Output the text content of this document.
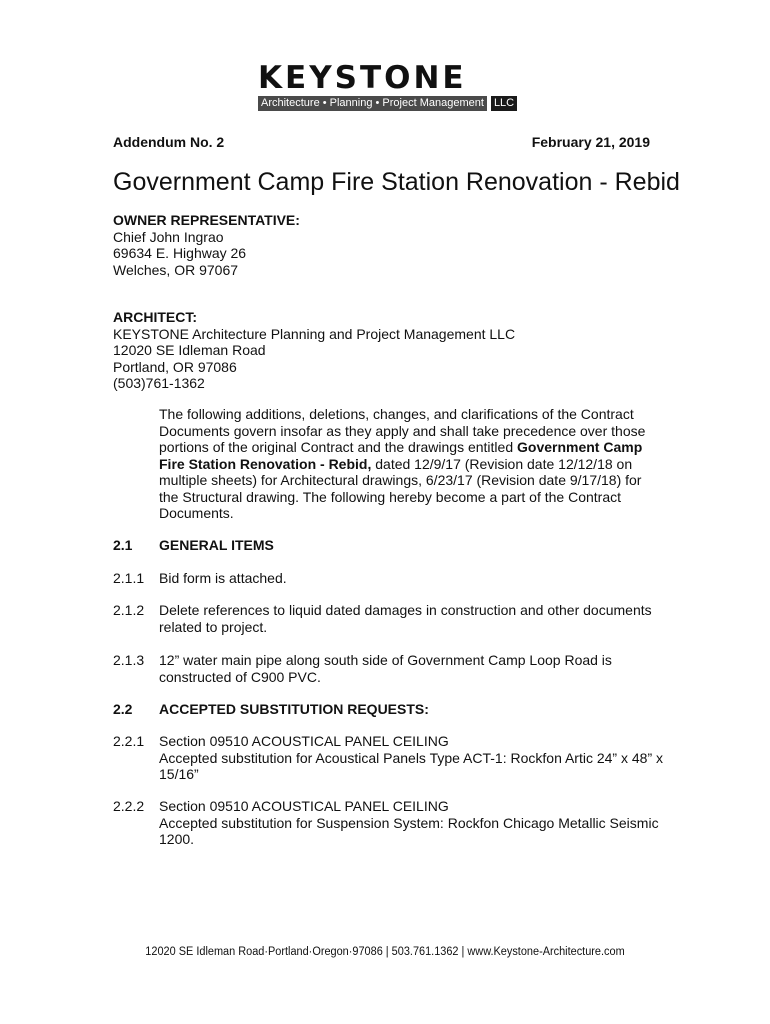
KEYSTONE
Architecture • Planning • Project Management LLC
Addendum No. 2	February 21, 2019
Government Camp Fire Station Renovation - Rebid
OWNER REPRESENTATIVE:
Chief John Ingrao
69634 E. Highway 26
Welches, OR 97067
ARCHITECT:
KEYSTONE Architecture Planning and Project Management LLC
12020 SE Idleman Road
Portland, OR 97086
(503)761-1362
The following additions, deletions, changes, and clarifications of the Contract Documents govern insofar as they apply and shall take precedence over those portions of the original Contract and the drawings entitled Government Camp Fire Station Renovation - Rebid, dated 12/9/17 (Revision date 12/12/18 on multiple sheets) for Architectural drawings, 6/23/17 (Revision date 9/17/18) for the Structural drawing. The following hereby become a part of the Contract Documents.
2.1	GENERAL ITEMS
2.1.1	Bid form is attached.
2.1.2	Delete references to liquid dated damages in construction and other documents related to project.
2.1.3	12” water main pipe along south side of Government Camp Loop Road is constructed of C900 PVC.
2.2	ACCEPTED SUBSTITUTION REQUESTS:
2.2.1	Section 09510 ACOUSTICAL PANEL CEILING
Accepted substitution for Acoustical Panels Type ACT-1: Rockfon Artic 24” x 48” x 15/16”
2.2.2	Section 09510 ACOUSTICAL PANEL CEILING
Accepted substitution for Suspension System: Rockfon Chicago Metallic Seismic 1200.
12020 SE Idleman Road·Portland·Oregon·97086 | 503.761.1362 | www.Keystone-Architecture.com
